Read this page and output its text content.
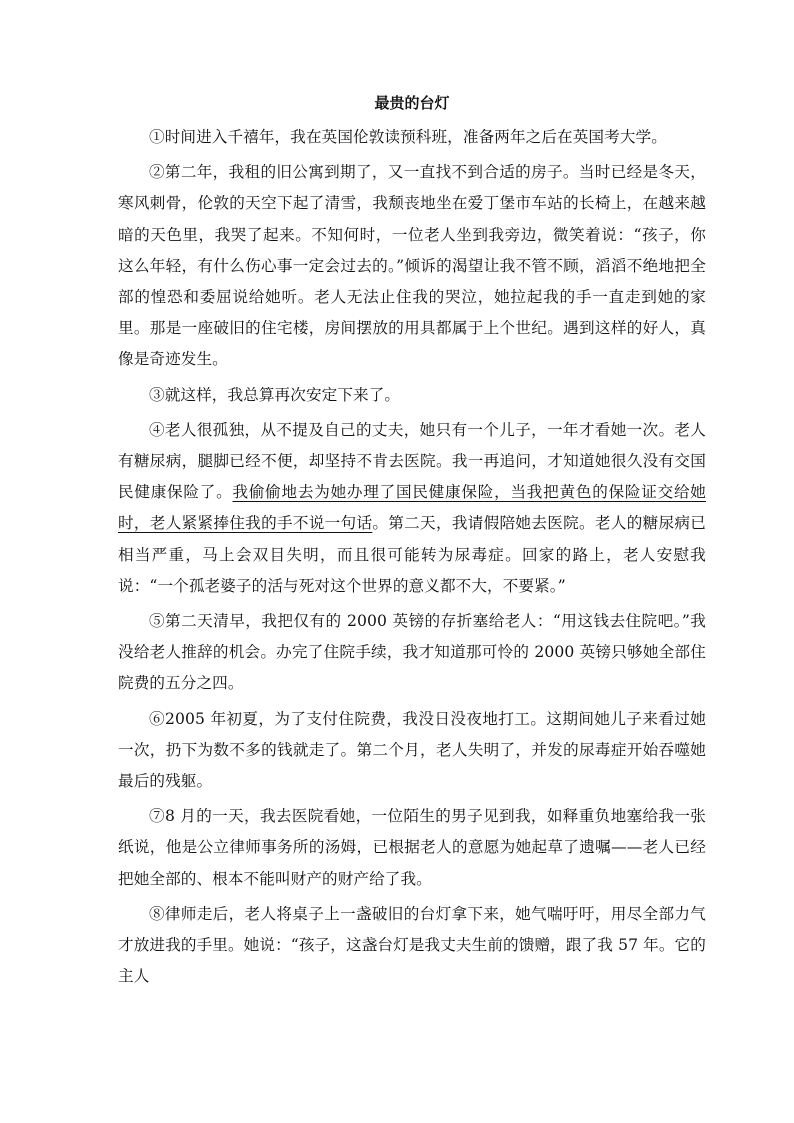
最贵的台灯

①时间进入千禧年，我在英国伦敦读预科班，准备两年之后在英国考大学。

②第二年，我租的旧公寓到期了，又一直找不到合适的房子。当时已经是冬天，寒风刺骨，伦敦的天空下起了清雪，我颓丧地坐在爱丁堡市车站的长椅上，在越来越暗的天色里，我哭了起来。不知何时，一位老人坐到我旁边，微笑着说：“孩子，你这么年轻，有什么伤心事一定会过去的。”倾诉的渴望让我不管不顾，滔滔不绝地把全部的惶恐和委屈说给她听。老人无法止住我的哭泣，她拉起我的手一直走到她的家里。那是一座破旧的住宅楼，房间摆放的用具都属于上个世纪。遇到这样的好人，真像是奇迹发生。

③就这样，我总算再次安定下来了。

④老人很孤独，从不提及自己的丈夫，她只有一个儿子，一年才看她一次。老人有糖尿病，腿脚已经不便，却坚持不肯去医院。我一再追问，才知道她很久没有交国民健康保险了。我偷偷地去为她办理了国民健康保险，当我把黄色的保险证交给她时，老人紧紧捧住我的手不说一句话。第二天，我请假陪她去医院。老人的糖尿病已相当严重，马上会双目失明，而且很可能转为尿毒症。回家的路上，老人安慰我说：“一个孤老婆子的活与死对这个世界的意义都不大，不要紧。”

⑤第二天清早，我把仅有的 2000 英镑的存折塞给老人：“用这钱去住院吧。”我没给老人推辞的机会。办完了住院手续，我才知道那可怜的 2000 英镑只够她全部住院费的五分之四。

⑥2005 年初夏，为了支付住院费，我没日没夜地打工。这期间她儿子来看过她一次，扔下为数不多的钱就走了。第二个月，老人失明了，并发的尿毒症开始吞噬她最后的残躯。

⑦8 月的一天，我去医院看她，一位陌生的男子见到我，如释重负地塞给我一张纸说，他是公立律师事务所的汤姆，已根据老人的意愿为她起草了遗嘱——老人已经把她全部的、根本不能叫财产的财产给了我。

⑧律师走后，老人将桌子上一盏破旧的台灯拿下来，她气喘吁吁，用尽全部力气才放进我的手里。她说：“孩子，这盏台灯是我丈夫生前的馈赠，跟了我 57 年。它的主人
